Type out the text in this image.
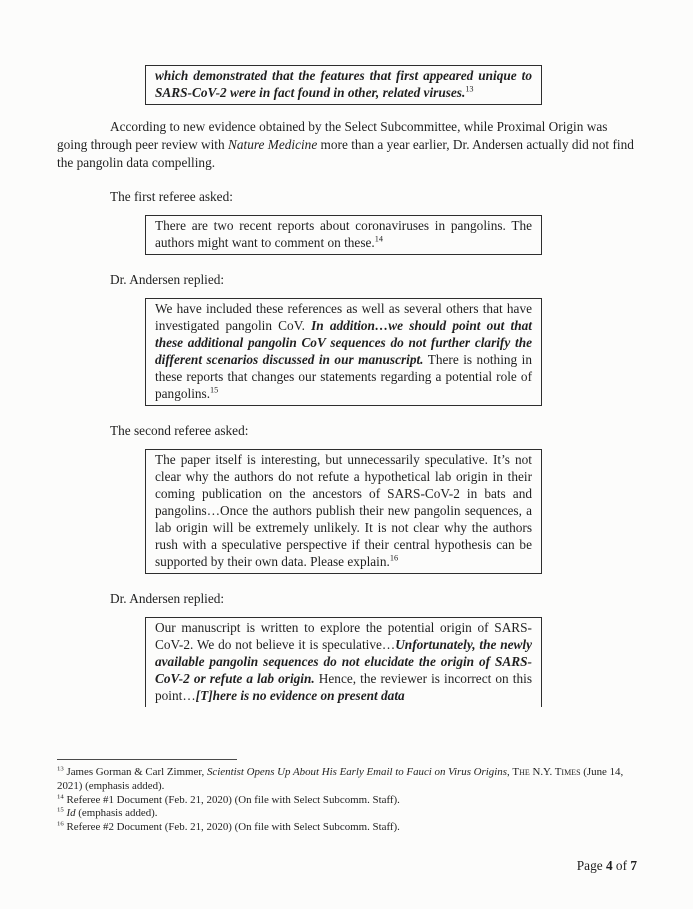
which demonstrated that the features that first appeared unique to SARS-CoV-2 were in fact found in other, related viruses.$^{13}$

According to new evidence obtained by the Select Subcommittee, while Proximal Origin was going through peer review with Nature Medicine more than a year earlier, Dr. Andersen actually did not find the pangolin data compelling.

The first referee asked:

There are two recent reports about coronaviruses in pangolins. The authors might want to comment on these.$^{14}$

Dr. Andersen replied:

We have included these references as well as several others that have investigated pangolin CoV. In addition…we should point out that these additional pangolin CoV sequences do not further clarify the different scenarios discussed in our manuscript. There is nothing in these reports that changes our statements regarding a potential role of pangolins.$^{15}$

The second referee asked:

The paper itself is interesting, but unnecessarily speculative. It’s not clear why the authors do not refute a hypothetical lab origin in their coming publication on the ancestors of SARS-CoV-2 in bats and pangolins…Once the authors publish their new pangolin sequences, a lab origin will be extremely unlikely. It is not clear why the authors rush with a speculative perspective if their central hypothesis can be supported by their own data. Please explain.$^{16}$

Dr. Andersen replied:

Our manuscript is written to explore the potential origin of SARS-CoV-2. We do not believe it is speculative…Unfortunately, the newly available pangolin sequences do not elucidate the origin of SARS-CoV-2 or refute a lab origin. Hence, the reviewer is incorrect on this point…[T]here is no evidence on present data

$^{13}$ James Gorman & Carl Zimmer, Scientist Opens Up About His Early Email to Fauci on Virus Origins, The N.Y. Times (June 14, 2021) (emphasis added).

$^{14}$ Referee #1 Document (Feb. 21, 2020) (On file with Select Subcomm. Staff).

$^{15}$ Id (emphasis added).

$^{16}$ Referee #2 Document (Feb. 21, 2020) (On file with Select Subcomm. Staff).

Page 4 of 7
